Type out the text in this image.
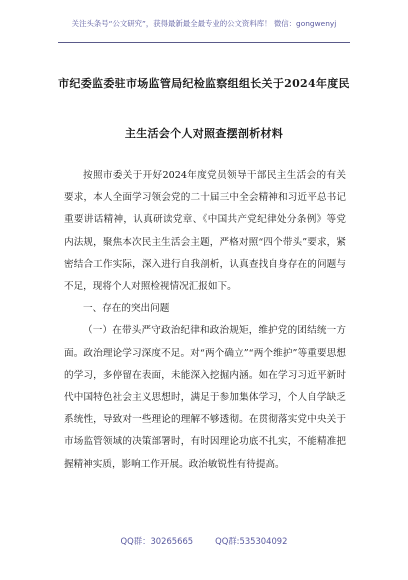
关注头条号“公文研究”，获得最新最全最专业的公文资料库！ 微信：gongwenyj
市纪委监委驻市场监管局纪检监察组组长关于2024年度民
主生活会个人对照查摆剖析材料

按照市委关于开好2024年度党员领导干部民主生活会的有关要求，本人全面学习领会党的二十届三中全会精神和习近平总书记重要讲话精神，认真研读党章、《中国共产党纪律处分条例》等党内法规，聚焦本次民主生活会主题，严格对照“四个带头”要求，紧密结合工作实际，深入进行自我剖析，认真查找自身存在的问题与不足，现将个人对照检视情况汇报如下。

一、存在的突出问题

（一）在带头严守政治纪律和政治规矩，维护党的团结统一方面。政治理论学习深度不足。对“两个确立”“两个维护”等重要思想的学习，多停留在表面，未能深入挖掘内涵。如在学习习近平新时代中国特色社会主义思想时，满足于参加集体学习，个人自学缺乏系统性，导致对一些理论的理解不够透彻。在贯彻落实党中央关于市场监管领域的决策部署时，有时因理论功底不扎实，不能精准把握精神实质，影响工作开展。政治敏锐性有待提高。

QQ群：30265665	QQ群:535304092
